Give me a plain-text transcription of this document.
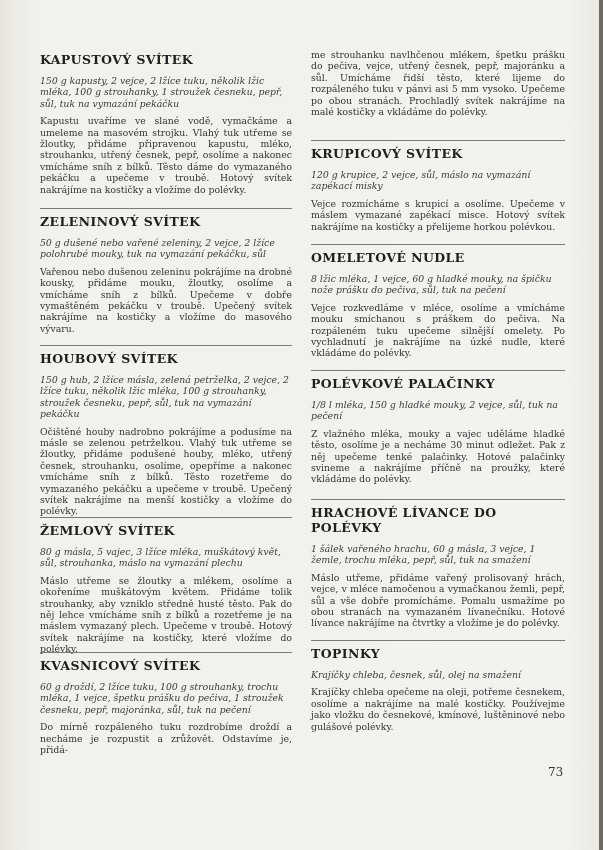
KAPUSTOVÝ SVÍTEK
150 g kapusty, 2 vejce, 2 lžíce tuku, několik lžic mléka, 100 g strouhanky, 1 stroužek česneku, pepř, sůl, tuk na vymazání pekáčku
Kapustu uvaříme ve slané vodě, vymačkáme a umeleme na masovém strojku. Vlahý tuk utřeme se žloutky, přidáme připravenou kapustu, mléko, strouhanku, utřený česnek, pepř, osolíme a nakonec vmícháme sníh z bílků. Těsto dáme do vymazaného pekáčku a upečeme v troubě. Hotový svítek nakrájíme na kostičky a vložíme do polévky.
ZELENINOVÝ SVÍTEK
50 g dušené nebo vařené zeleniny, 2 vejce, 2 lžíce polohrubé mouky, tuk na vymazání pekáčku, sůl
Vařenou nebo dušenou zeleninu pokrájíme na drobné kousky, přidáme mouku, žloutky, osolíme a vmícháme sníh z bílků. Upečeme v dobře vymaštěném pekáčku v troubě. Upečený svítek nakrájíme na kostičky a vložíme do masového vývaru.
HOUBOVÝ SVÍTEK
150 g hub, 2 lžíce másla, zelená petrželka, 2 vejce, 2 lžíce tuku, několik lžic mléka, 100 g strouhanky, stroužek česneku, pepř, sůl, tuk na vymazání pekáčku
Očištěné houby nadrobno pokrájíme a podusíme na másle se zelenou petrželkou. Vlahý tuk utřeme se žloutky, přidáme podušené houby, mléko, utřený česnek, strouhanku, osolíme, opepříme a nakonec vmícháme sníh z bílků. Těsto rozetřeme do vymazaného pekáčku a upečeme v troubě. Upečený svítek nakrájíme na menší kostičky a vložíme do polévky.
ŽEMLOVÝ SVÍTEK
80 g másla, 5 vajec, 3 lžíce mléka, muškátový květ, sůl, strouhanka, máslo na vymazání plechu
Máslo utřeme se žloutky a mlékem, osolíme a okořeníme muškátovým květem. Přidáme tolik strouhanky, aby vzniklo středně husté těsto. Pak do něj lehce vmícháme sníh z bílků a rozetřeme je na máslem vymazaný plech. Upečeme v troubě. Hotový svítek nakrájíme na kostičky, které vložíme do polévky.
KVASNICOVÝ SVÍTEK
60 g droždí, 2 lžíce tuku, 100 g strouhanky, trochu mléka, 1 vejce, špetku prášku do pečiva, 1 stroužek česneku, pepř, majoránka, sůl, tuk na pečení
Do mírně rozpáleného tuku rozdrobíme droždí a necháme je rozpustit a zrůžovět. Odstavíme je, přidá-
me strouhanku navlhčenou mlékem, špetku prášku do pečiva, vejce, utřený česnek, pepř, majoránku a sůl. Umícháme řidší těsto, které lijeme do rozpáleného tuku v pánvi asi 5 mm vysoko. Upečeme po obou stranách. Prochladlý svítek nakrájíme na malé kostičky a vkládáme do polévky.
KRUPICOVÝ SVÍTEK
120 g krupice, 2 vejce, sůl, máslo na vymazání zapékací misky
Vejce rozmícháme s krupicí a osolíme. Upečeme v máslem vymazané zapékací misce. Hotový svítek nakrájíme na kostičky a přelijeme horkou polévkou.
OMELETOVÉ NUDLE
8 lžic mléka, 1 vejce, 60 g hladké mouky, na špičku nože prášku do pečiva, sůl, tuk na pečení
Vejce rozkvedláme v mléce, osolíme a vmícháme mouku smíchanou s práškem do pečiva. Na rozpáleném tuku upečeme silnější omelety. Po vychladnutí je nakrájíme na úzké nudle, které vkládáme do polévky.
POLÉVKOVÉ PALAČINKY
1/8 l mléka, 150 g hladké mouky, 2 vejce, sůl, tuk na pečení
Z vlažného mléka, mouky a vajec uděláme hladké těsto, osolíme je a necháme 30 minut odležet. Pak z něj upečeme tenké palačinky. Hotové palačinky svineme a nakrájíme příčně na proužky, které vkládáme do polévky.
HRACHOVÉ LÍVANCE DO POLÉVKY
1 šálek vařeného hrachu, 60 g másla, 3 vejce, 1 žemle, trochu mléka, pepř, sůl, tuk na smažení
Máslo utřeme, přidáme vařený prolisovaný hrách, vejce, v mléce namočenou a vymačkanou žemli, pepř, sůl a vše dobře promícháme. Pomalu usmažíme po obou stranách na vymazaném lívanečníku. Hotové lívance nakrájíme na čtvrtky a vložíme je do polévky.
TOPINKY
Krajíčky chleba, česnek, sůl, olej na smažení
Krajíčky chleba opečeme na oleji, potřeme česnekem, osolíme a nakrájíme na malé kostičky. Používejme jako vložku do česnekové, kmínové, luštěninové nebo gulášové polévky.
73
